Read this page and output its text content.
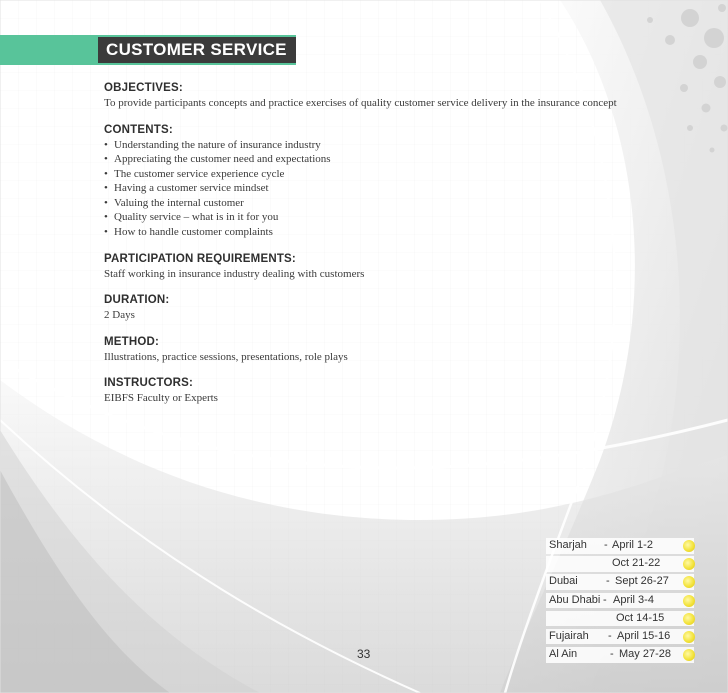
CUSTOMER SERVICE
OBJECTIVES:
To provide participants concepts and practice exercises of quality customer service delivery in the insurance concept
CONTENTS:
• Understanding the nature of insurance industry
• Appreciating the customer need and expectations
• The customer service experience cycle
• Having a customer service mindset
• Valuing the internal customer
• Quality service – what is in it for you
• How to handle customer complaints
PARTICIPATION REQUIREMENTS:
Staff working in insurance industry dealing with customers
DURATION:
2 Days
METHOD:
Illustrations, practice sessions, presentations, role plays
INSTRUCTORS:
EIBFS Faculty or Experts
33
Sharjah - April 1-2
Oct 21-22
Dubai	- Sept 26-27
Abu Dhabi - April 3-4
Oct 14-15
Fujairah - April 15-16
Al Ain	- May 27-28
